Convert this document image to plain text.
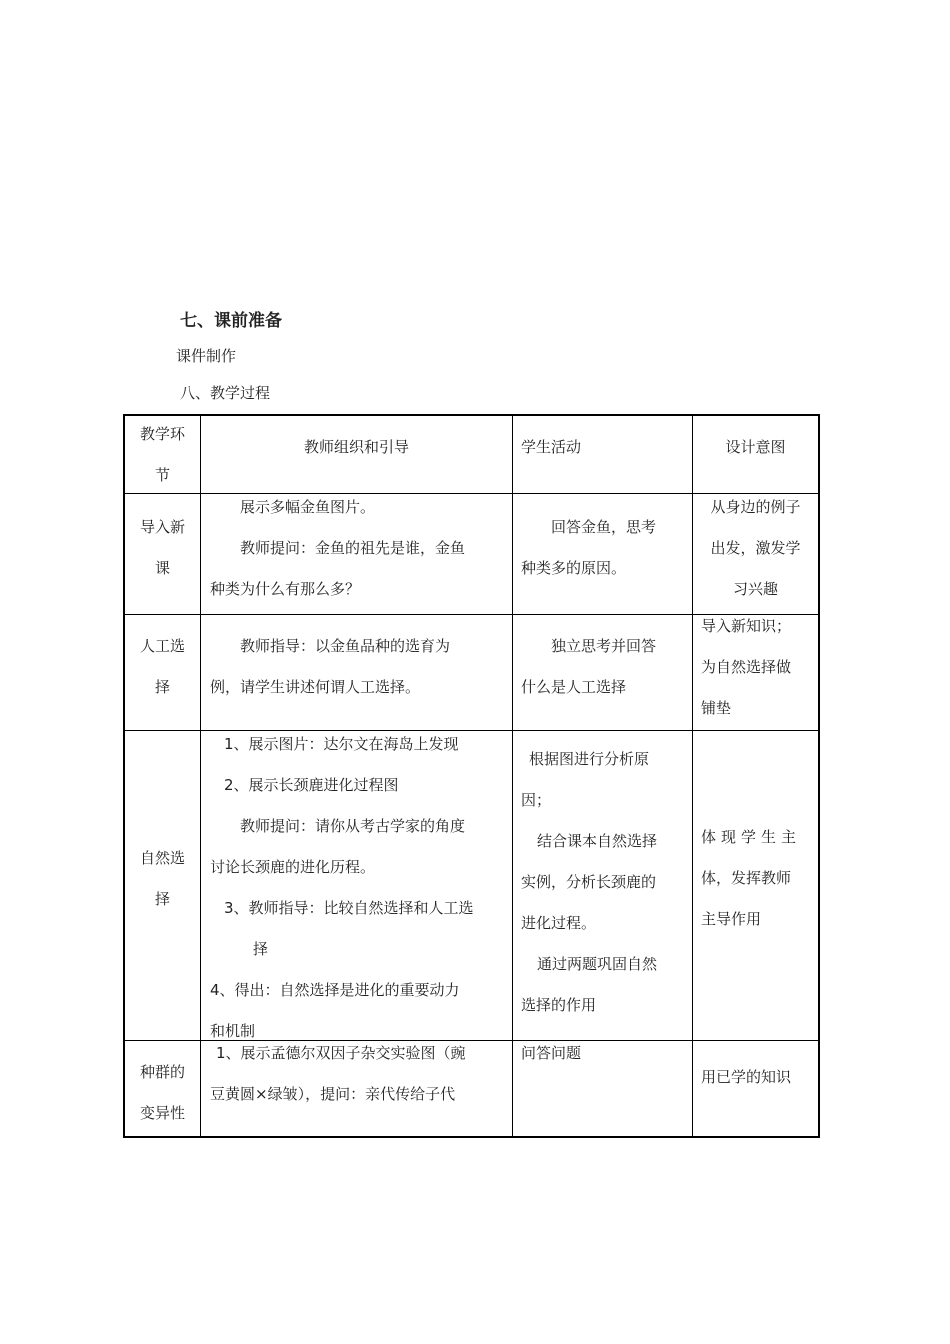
七、课前准备
课件制作
八、教学过程

教学环

节

教师组织和引导	学生活动	设计意图

导入新

课

展示多幅金鱼图片。

教师提问：金鱼的祖先是谁，金鱼

种类为什么有那么多？

回答金鱼，思考

种类多的原因。

从身边的例子

出发，激发学

习兴趣

人工选

择

教师指导：以金鱼品种的选育为

例，请学生讲述何谓人工选择。

独立思考并回答

什么是人工选择

导入新知识；

为自然选择做

铺垫

自然选

择

1、展示图片：达尔文在海岛上发现

2、展示长颈鹿进化过程图

教师提问：请你从考古学家的角度

讨论长颈鹿的进化历程。

3、教师指导：比较自然选择和人工选

择

4、得出：自然选择是进化的重要动力

和机制

根据图进行分析原

因；

结合课本自然选择

实例，分析长颈鹿的

进化过程。

通过两题巩固自然

选择的作用

体现学生主

体，发挥教师

主导作用

种群的

变异性

1、展示孟德尔双因子杂交实验图（豌

豆黄圆×绿皱），提问：亲代传给子代

问答问题

用已学的知识
